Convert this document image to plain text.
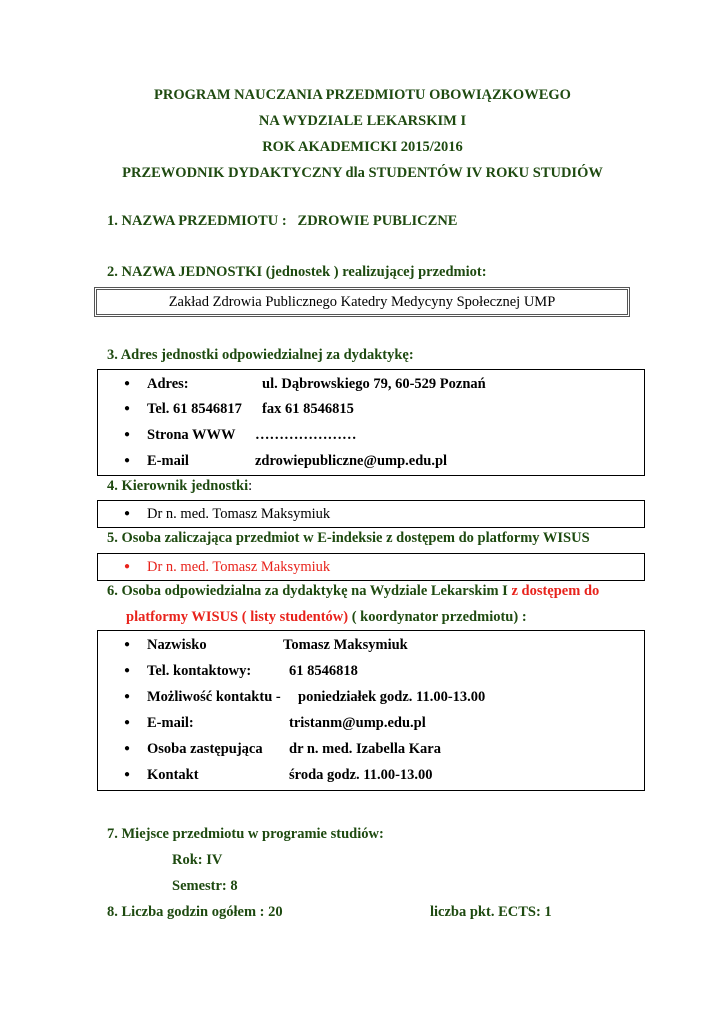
PROGRAM NAUCZANIA PRZEDMIOTU OBOWIĄZKOWEGO
NA WYDZIALE LEKARSKIM I
ROK AKADEMICKI 2015/2016
PRZEWODNIK DYDAKTYCZNY dla STUDENTÓW IV ROKU STUDIÓW
1. NAZWA PRZEDMIOTU : ZDROWIE PUBLICZNE
2. NAZWA JEDNOSTKI (jednostek ) realizującej przedmiot:
Zakład Zdrowia Publicznego Katedry Medycyny Społecznej UMP
3. Adres jednostki odpowiedzialnej za dydaktykę:
● Adres:	ul. Dąbrowskiego 79, 60-529 Poznań
● Tel. 61 8546817 fax 61 8546815
● Strona WWW …………………
● E-mail	zdrowiepubliczne@ump.edu.pl
4. Kierownik jednostki:
● Dr n. med. Tomasz Maksymiuk
5. Osoba zaliczająca przedmiot w E-indeksie z dostępem do platformy WISUS
● Dr n. med. Tomasz Maksymiuk
6. Osoba odpowiedzialna za dydaktykę na Wydziale Lekarskim I z dostępem do
platformy WISUS ( listy studentów) ( koordynator przedmiotu) :
● Nazwisko	Tomasz Maksymiuk
● Tel. kontaktowy:	61 8546818
● Możliwość kontaktu - poniedziałek godz. 11.00-13.00
● E-mail:	tristanm@ump.edu.pl
● Osoba zastępująca dr n. med. Izabella Kara
● Kontakt	środa godz. 11.00-13.00
7. Miejsce przedmiotu w programie studiów:
Rok: IV
Semestr: 8
8. Liczba godzin ogółem : 20	liczba pkt. ECTS: 1
